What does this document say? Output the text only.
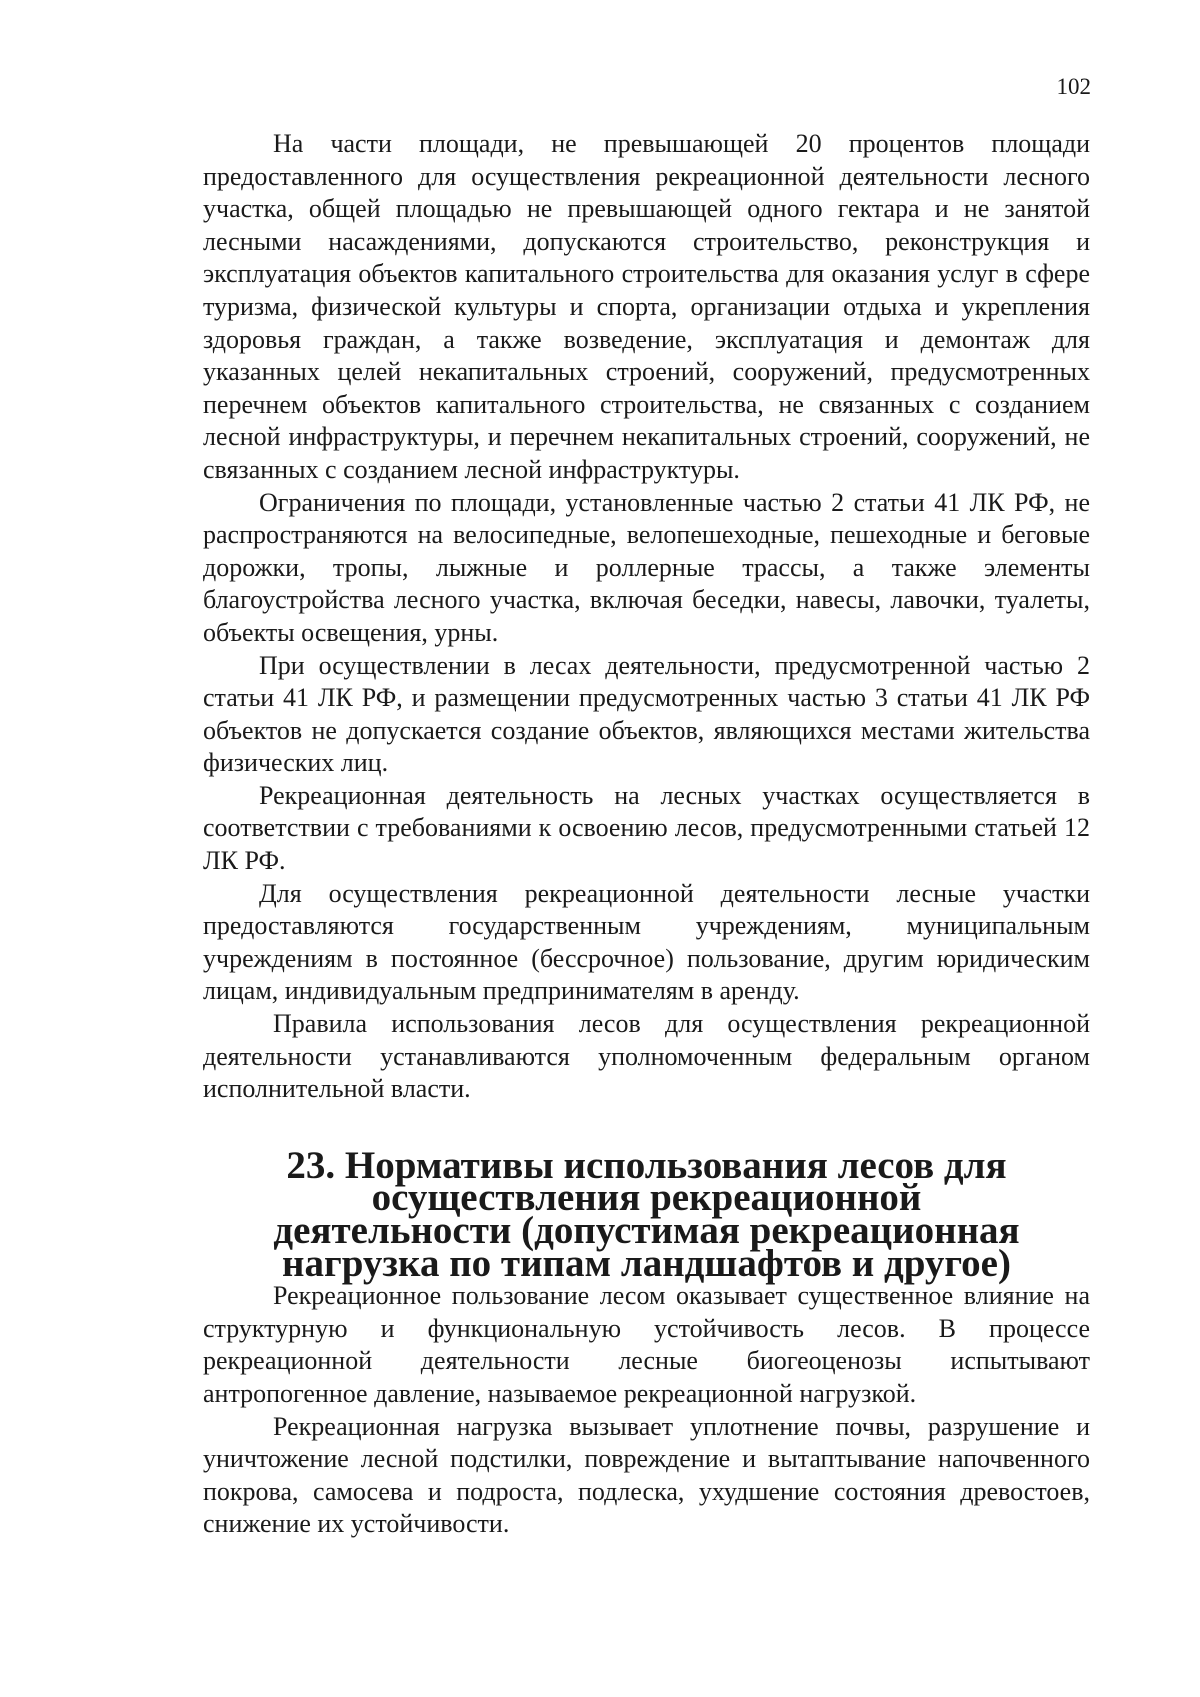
102

На части площади, не превышающей 20 процентов площади предоставленного для осуществления рекреационной деятельности лесного участка, общей площадью не превышающей одного гектара и не занятой лесными насаждениями, допускаются строительство, реконструкция и эксплуатация объектов капитального строительства для оказания услуг в сфере туризма, физической культуры и спорта, организации отдыха и укрепления здоровья граждан, а также возведение, эксплуатация и демонтаж для указанных целей некапитальных строений, сооружений, предусмотренных перечнем объектов капитального строительства, не связанных с созданием лесной инфраструктуры, и перечнем некапитальных строений, сооружений, не связанных с созданием лесной инфраструктуры.

Ограничения по площади, установленные частью 2 статьи 41 ЛК РФ, не распространяются на велосипедные, велопешеходные, пешеходные и беговые дорожки, тропы, лыжные и роллерные трассы, а также элементы благоустройства лесного участка, включая беседки, навесы, лавочки, туалеты, объекты освещения, урны.

При осуществлении в лесах деятельности, предусмотренной частью 2 статьи 41 ЛК РФ, и размещении предусмотренных частью 3 статьи 41 ЛК РФ объектов не допускается создание объектов, являющихся местами жительства физических лиц.

Рекреационная деятельность на лесных участках осуществляется в соответствии с требованиями к освоению лесов, предусмотренными статьей 12 ЛК РФ.

Для осуществления рекреационной деятельности лесные участки предоставляются государственным учреждениям, муниципальным учреждениям в постоянное (бессрочное) пользование, другим юридическим лицам, индивидуальным предпринимателям в аренду.

Правила использования лесов для осуществления рекреационной деятельности устанавливаются уполномоченным федеральным органом исполнительной власти.

23. Нормативы использования лесов для осуществления рекреационной деятельности (допустимая рекреационная нагрузка по типам ландшафтов и другое)

Рекреационное пользование лесом оказывает существенное влияние на структурную и функциональную устойчивость лесов. В процессе рекреационной деятельности лесные биогеоценозы испытывают антропогенное давление, называемое рекреационной нагрузкой.

Рекреационная нагрузка вызывает уплотнение почвы, разрушение и уничтожение лесной подстилки, повреждение и вытаптывание напочвенного покрова, самосева и подроста, подлеска, ухудшение состояния древостоев, снижение их устойчивости.
